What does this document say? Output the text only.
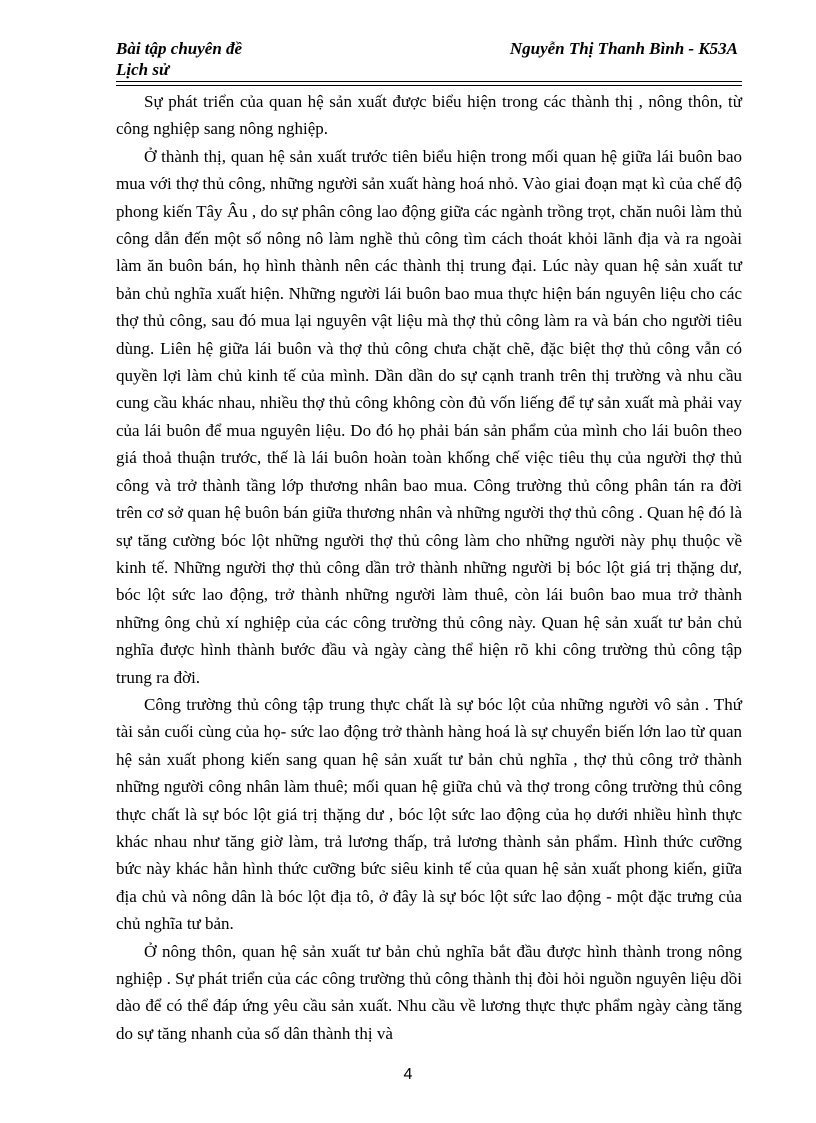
Bài tập chuyên đề
Lịch sử
Nguyễn Thị Thanh Bình - K53A

Sự phát triển của quan hệ sản xuất được biểu hiện trong các thành thị , nông thôn, từ công nghiệp sang nông nghiệp.

Ở thành thị, quan hệ sản xuất trước tiên biểu hiện trong mối quan hệ giữa lái buôn bao mua với thợ thủ công, những người sản xuất hàng hoá nhỏ. Vào giai đoạn mạt kì của chế độ phong kiến Tây Âu , do sự phân công lao động giữa các ngành trồng trọt, chăn nuôi làm thủ công dẫn đến một số nông nô làm nghề thủ công tìm cách thoát khỏi lãnh địa và ra ngoài làm ăn buôn bán, họ hình thành nên các thành thị trung đại. Lúc này quan hệ sản xuất tư bản chủ nghĩa xuất hiện. Những người lái buôn bao mua thực hiện bán nguyên liệu cho các thợ thủ công, sau đó mua lại nguyên vật liệu mà thợ thủ công làm ra và bán cho người tiêu dùng. Liên hệ giữa lái buôn và thợ thủ công chưa chặt chẽ, đặc biệt thợ thủ công vẫn có quyền lợi làm chủ kinh tế của mình. Dần dần do sự cạnh tranh trên thị trường và nhu cầu cung cầu khác nhau, nhiều thợ thủ công không còn đủ vốn liếng để tự sản xuất mà phải vay của lái buôn để mua nguyên liệu. Do đó họ phải bán sản phẩm của mình cho lái buôn theo giá thoả thuận trước, thế là lái buôn hoàn toàn khống chế việc tiêu thụ của người thợ thủ công và trở thành tầng lớp thương nhân bao mua. Công trường thủ công phân tán ra đời trên cơ sở quan hệ buôn bán giữa thương nhân và những người thợ thủ công . Quan hệ đó là sự tăng cường bóc lột những người thợ thủ công làm cho những người này phụ thuộc về kinh tế. Những người thợ thủ công dần trở thành những người bị bóc lột giá trị thặng dư, bóc lột sức lao động, trở thành những người làm thuê, còn lái buôn bao mua trở thành những ông chủ xí nghiệp của các công trường thủ công này. Quan hệ sản xuất tư bản chủ nghĩa được hình thành bước đầu và ngày càng thể hiện rõ khi công trường thủ công tập trung ra đời.

Công trường thủ công tập trung thực chất là sự bóc lột của những người vô sản . Thứ tài sản cuối cùng của họ- sức lao động trở thành hàng hoá là sự chuyển biến lớn lao từ quan hệ sản xuất phong kiến sang quan hệ sản xuất tư bản chủ nghĩa , thợ thủ công trở thành những người công nhân làm thuê; mối quan hệ giữa chủ và thợ trong công trường thủ công thực chất là sự bóc lột giá trị thặng dư , bóc lột sức lao động của họ dưới nhiều hình thực khác nhau như tăng giờ làm, trả lương thấp, trả lương thành sản phẩm. Hình thức cưỡng bức này khác hẳn hình thức cưỡng bức siêu kinh tế của quan hệ sản xuất phong kiến, giữa địa chủ và nông dân là bóc lột địa tô, ở đây là sự bóc lột sức lao động - một đặc trưng của chủ nghĩa tư bản.

Ở nông thôn, quan hệ sản xuất tư bản chủ nghĩa bắt đầu được hình thành trong nông nghiệp . Sự phát triển của các công trường thủ công thành thị đòi hỏi nguồn nguyên liệu dồi dào để có thể đáp ứng yêu cầu sản xuất. Nhu cầu về lương thực thực phẩm ngày càng tăng do sự tăng nhanh của số dân thành thị và

4
